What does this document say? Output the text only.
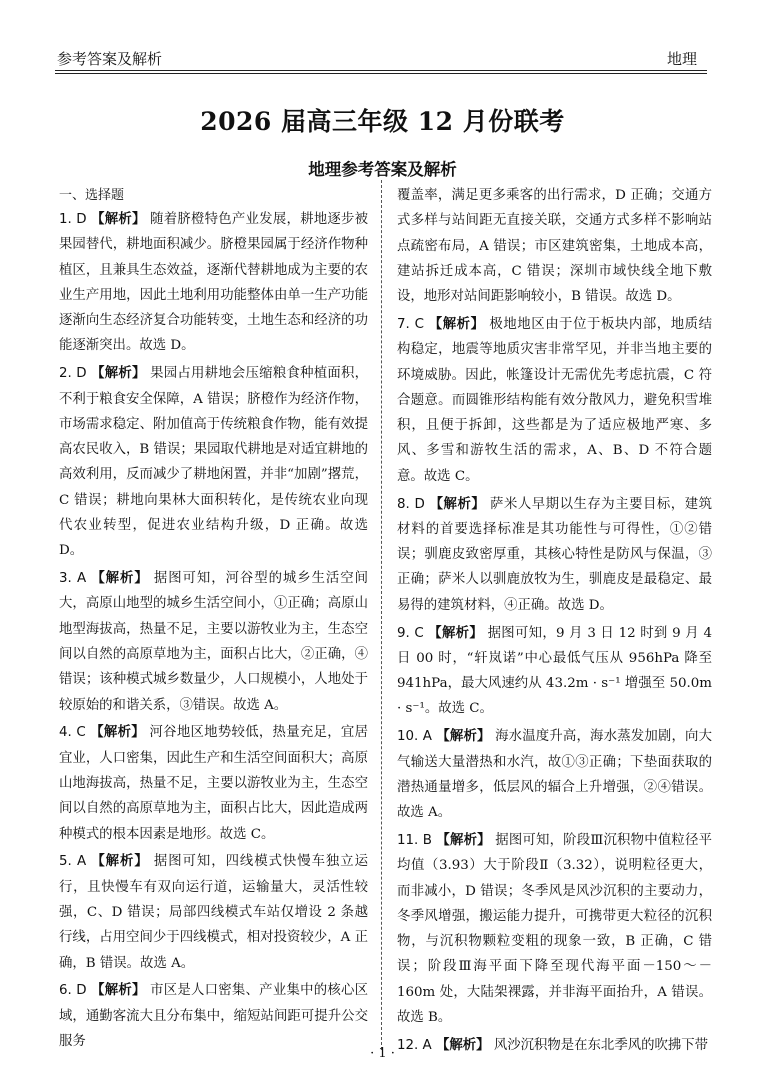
参考答案及解析	地理
2026 届高三年级 12 月份联考
地理参考答案及解析
一、选择题
1. D 【解析】 随着脐橙特色产业发展，耕地逐步被果园替代，耕地面积减少。脐橙果园属于经济作物种植区，且兼具生态效益，逐渐代替耕地成为主要的农业生产用地，因此土地利用功能整体由单一生产功能逐渐向生态经济复合功能转变，土地生态和经济的功能逐渐突出。故选 D。
2. D 【解析】 果园占用耕地会压缩粮食种植面积，不利于粮食安全保障，A 错误；脐橙作为经济作物，市场需求稳定、附加值高于传统粮食作物，能有效提高农民收入，B 错误；果园取代耕地是对适宜耕地的高效利用，反而减少了耕地闲置，并非“加剧”撂荒，C 错误；耕地向果林大面积转化，是传统农业向现代农业转型，促进农业结构升级，D 正确。故选 D。
3. A 【解析】 据图可知，河谷型的城乡生活空间大，高原山地型的城乡生活空间小，①正确；高原山地型海拔高，热量不足，主要以游牧业为主，生态空间以自然的高原草地为主，面积占比大，②正确，④错误；该种模式城乡数量少，人口规模小，人地处于较原始的和谐关系，③错误。故选 A。
4. C 【解析】 河谷地区地势较低，热量充足，宜居宜业，人口密集，因此生产和生活空间面积大；高原山地海拔高，热量不足，主要以游牧业为主，生态空间以自然的高原草地为主，面积占比大，因此造成两种模式的根本因素是地形。故选 C。
5. A 【解析】 据图可知，四线模式快慢车独立运行，且快慢车有双向运行道，运输量大，灵活性较强，C、D 错误；局部四线模式车站仅增设 2 条越行线，占用空间少于四线模式，相对投资较少，A 正确，B 错误。故选 A。
6. D 【解析】 市区是人口密集、产业集中的核心区域，通勤客流大且分布集中，缩短站间距可提升公交服务
覆盖率，满足更多乘客的出行需求，D 正确；交通方式多样与站间距无直接关联，交通方式多样不影响站点疏密布局，A 错误；市区建筑密集，土地成本高，建站拆迁成本高，C 错误；深圳市域快线全地下敷设，地形对站间距影响较小，B 错误。故选 D。
7. C 【解析】 极地地区由于位于板块内部，地质结构稳定，地震等地质灾害非常罕见，并非当地主要的环境威胁。因此，帐篷设计无需优先考虑抗震，C 符合题意。而圆锥形结构能有效分散风力，避免积雪堆积，且便于拆卸，这些都是为了适应极地严寒、多风、多雪和游牧生活的需求，A、B、D 不符合题意。故选 C。
8. D 【解析】 萨米人早期以生存为主要目标，建筑材料的首要选择标准是其功能性与可得性，①②错误；驯鹿皮致密厚重，其核心特性是防风与保温，③正确；萨米人以驯鹿放牧为生，驯鹿皮是最稳定、最易得的建筑材料，④正确。故选 D。
9. C 【解析】 据图可知，9 月 3 日 12 时到 9 月 4 日 00 时，“轩岚诺”中心最低气压从 956hPa 降至 941hPa，最大风速约从 43.2m · s⁻¹ 增强至 50.0m · s⁻¹。故选 C。
10. A 【解析】 海水温度升高，海水蒸发加剧，向大气输送大量潜热和水汽，故①③正确；下垫面获取的潜热通量增多，低层风的辐合上升增强，②④错误。故选 A。
11. B 【解析】 据图可知，阶段Ⅲ沉积物中值粒径平均值（3.93）大于阶段Ⅱ（3.32），说明粒径更大，而非减小，D 错误；冬季风是风沙沉积的主要动力，冬季风增强，搬运能力提升，可携带更大粒径的沉积物，与沉积物颗粒变粗的现象一致，B 正确，C 错误；阶段Ⅲ海平面下降至现代海平面－150～－160m 处，大陆架裸露，并非海平面抬升，A 错误。故选 B。
12. A 【解析】 风沙沉积物是在东北季风的吹拂下带
· 1 ·
